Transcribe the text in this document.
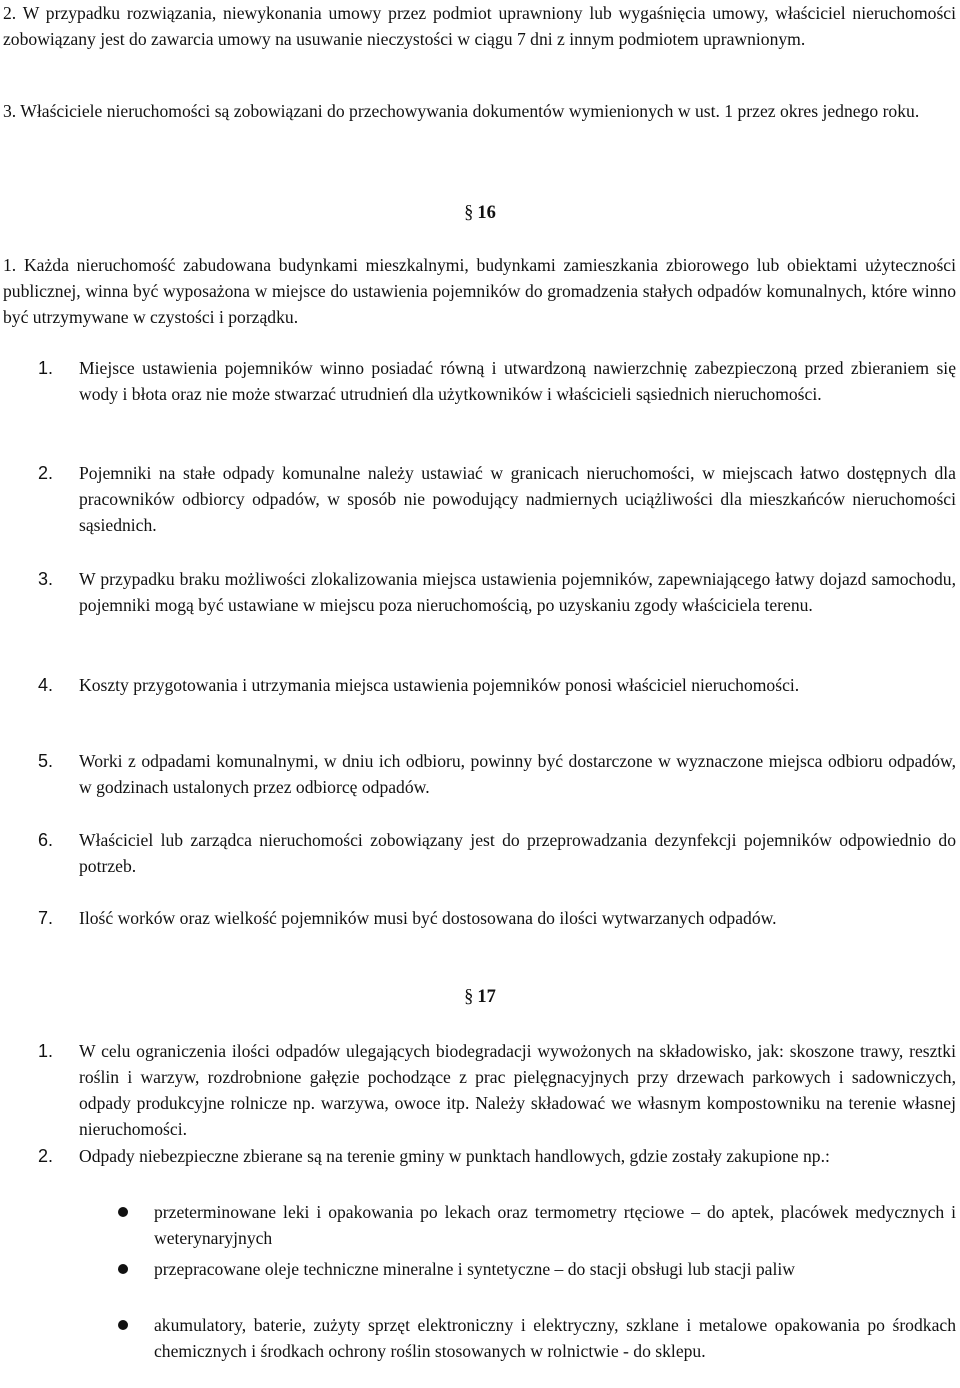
2. W przypadku rozwiązania, niewykonania umowy przez podmiot uprawniony lub wygaśnięcia umowy, właściciel nieruchomości zobowiązany jest do zawarcia umowy na usuwanie nieczystości w ciągu 7 dni z innym podmiotem uprawnionym.
3. Właściciele nieruchomości są zobowiązani do przechowywania dokumentów wymienionych w ust. 1 przez okres jednego roku.
§ 16
1. Każda nieruchomość zabudowana budynkami mieszkalnymi, budynkami zamieszkania zbiorowego lub obiektami użyteczności publicznej, winna być wyposażona w miejsce do ustawienia pojemników do gromadzenia stałych odpadów komunalnych, które winno być utrzymywane w czystości i porządku.
1. Miejsce ustawienia pojemników winno posiadać równą i utwardzoną nawierzchnię zabezpieczoną przed zbieraniem się wody i błota oraz nie może stwarzać utrudnień dla użytkowników i właścicieli sąsiednich nieruchomości.
2. Pojemniki na stałe odpady komunalne należy ustawiać w granicach nieruchomości, w miejscach łatwo dostępnych dla pracowników odbiorcy odpadów, w sposób nie powodujący nadmiernych uciążliwości dla mieszkańców nieruchomości sąsiednich.
3. W przypadku braku możliwości zlokalizowania miejsca ustawienia pojemników, zapewniającego łatwy dojazd samochodu, pojemniki mogą być ustawiane w miejscu poza nieruchomością, po uzyskaniu zgody właściciela terenu.
4. Koszty przygotowania i utrzymania miejsca ustawienia pojemników ponosi właściciel nieruchomości.
5. Worki z odpadami komunalnymi, w dniu ich odbioru, powinny być dostarczone w wyznaczone miejsca odbioru odpadów, w godzinach ustalonych przez odbiorcę odpadów.
6. Właściciel lub zarządca nieruchomości zobowiązany jest do przeprowadzania dezynfekcji pojemników odpowiednio do potrzeb.
7. Ilość worków oraz wielkość pojemników musi być dostosowana do ilości wytwarzanych odpadów.
§ 17
1. W celu ograniczenia ilości odpadów ulegających biodegradacji wywożonych na składowisko, jak: skoszone trawy, resztki roślin i warzyw, rozdrobnione gałęzie pochodzące z prac pielęgnacyjnych przy drzewach parkowych i sadowniczych, odpady produkcyjne rolnicze np. warzywa, owoce itp. Należy składować we własnym kompostowniku na terenie własnej nieruchomości.
2. Odpady niebezpieczne zbierane są na terenie gminy w punktach handlowych, gdzie zostały zakupione np.:
przeterminowane leki i opakowania po lekach oraz termometry rtęciowe – do aptek, placówek medycznych i weterynaryjnych
przepracowane oleje techniczne mineralne i syntetyczne – do stacji obsługi lub stacji paliw
akumulatory, baterie, zużyty sprzęt elektroniczny i elektryczny, szklane i metalowe opakowania po środkach chemicznych i środkach ochrony roślin stosowanych w rolnictwie - do sklepu.
